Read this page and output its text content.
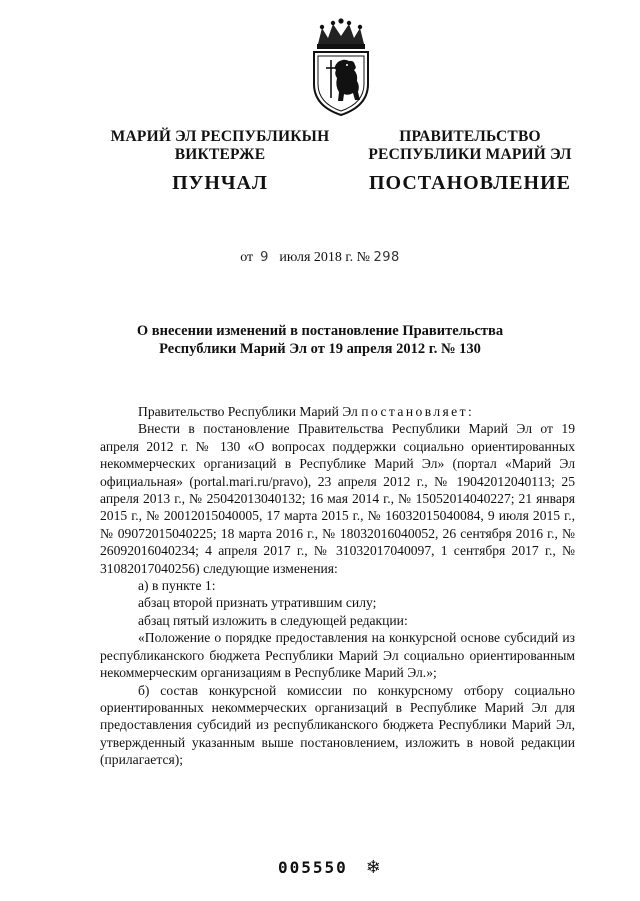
МАРИЙ ЭЛ РЕСПУБЛИКЫН
ВИКТЕРЖЕ
ПУНЧАЛ
ПРАВИТЕЛЬСТВО
РЕСПУБЛИКИ МАРИЙ ЭЛ
ПОСТАНОВЛЕНИЕ
от 9 июля 2018 г. № 298
О внесении изменений в постановление Правительства
Республики Марий Эл от 19 апреля 2012 г. № 130

Правительство Республики Марий Эл постановляет:

Внести в постановление Правительства Республики Марий Эл от 19 апреля 2012 г. № 130 «О вопросах поддержки социально ориентированных некоммерческих организаций в Республике Марий Эл» (портал «Марий Эл официальная» (portal.mari.ru/pravo), 23 апреля 2012 г., № 19042012040113; 25 апреля 2013 г., № 25042013040132; 16 мая 2014 г., № 15052014040227; 21 января 2015 г., № 20012015040005, 17 марта 2015 г., № 16032015040084, 9 июля 2015 г., № 09072015040225; 18 марта 2016 г., № 18032016040052, 26 сентября 2016 г., № 26092016040234; 4 апреля 2017 г., № 31032017040097, 1 сентября 2017 г., № 31082017040256) следующие изменения:

а) в пункте 1:

абзац второй признать утратившим силу;

абзац пятый изложить в следующей редакции:

«Положение о порядке предоставления на конкурсной основе субсидий из республиканского бюджета Республики Марий Эл социально ориентированным некоммерческим организациям в Республике Марий Эл.»;

б) состав конкурсной комиссии по конкурсному отбору социально ориентированных некоммерческих организаций в Республике Марий Эл для предоставления субсидий из республиканского бюджета Республики Марий Эл, утвержденный указанным выше постановлением, изложить в новой редакции (прилагается);

005550 ❄
